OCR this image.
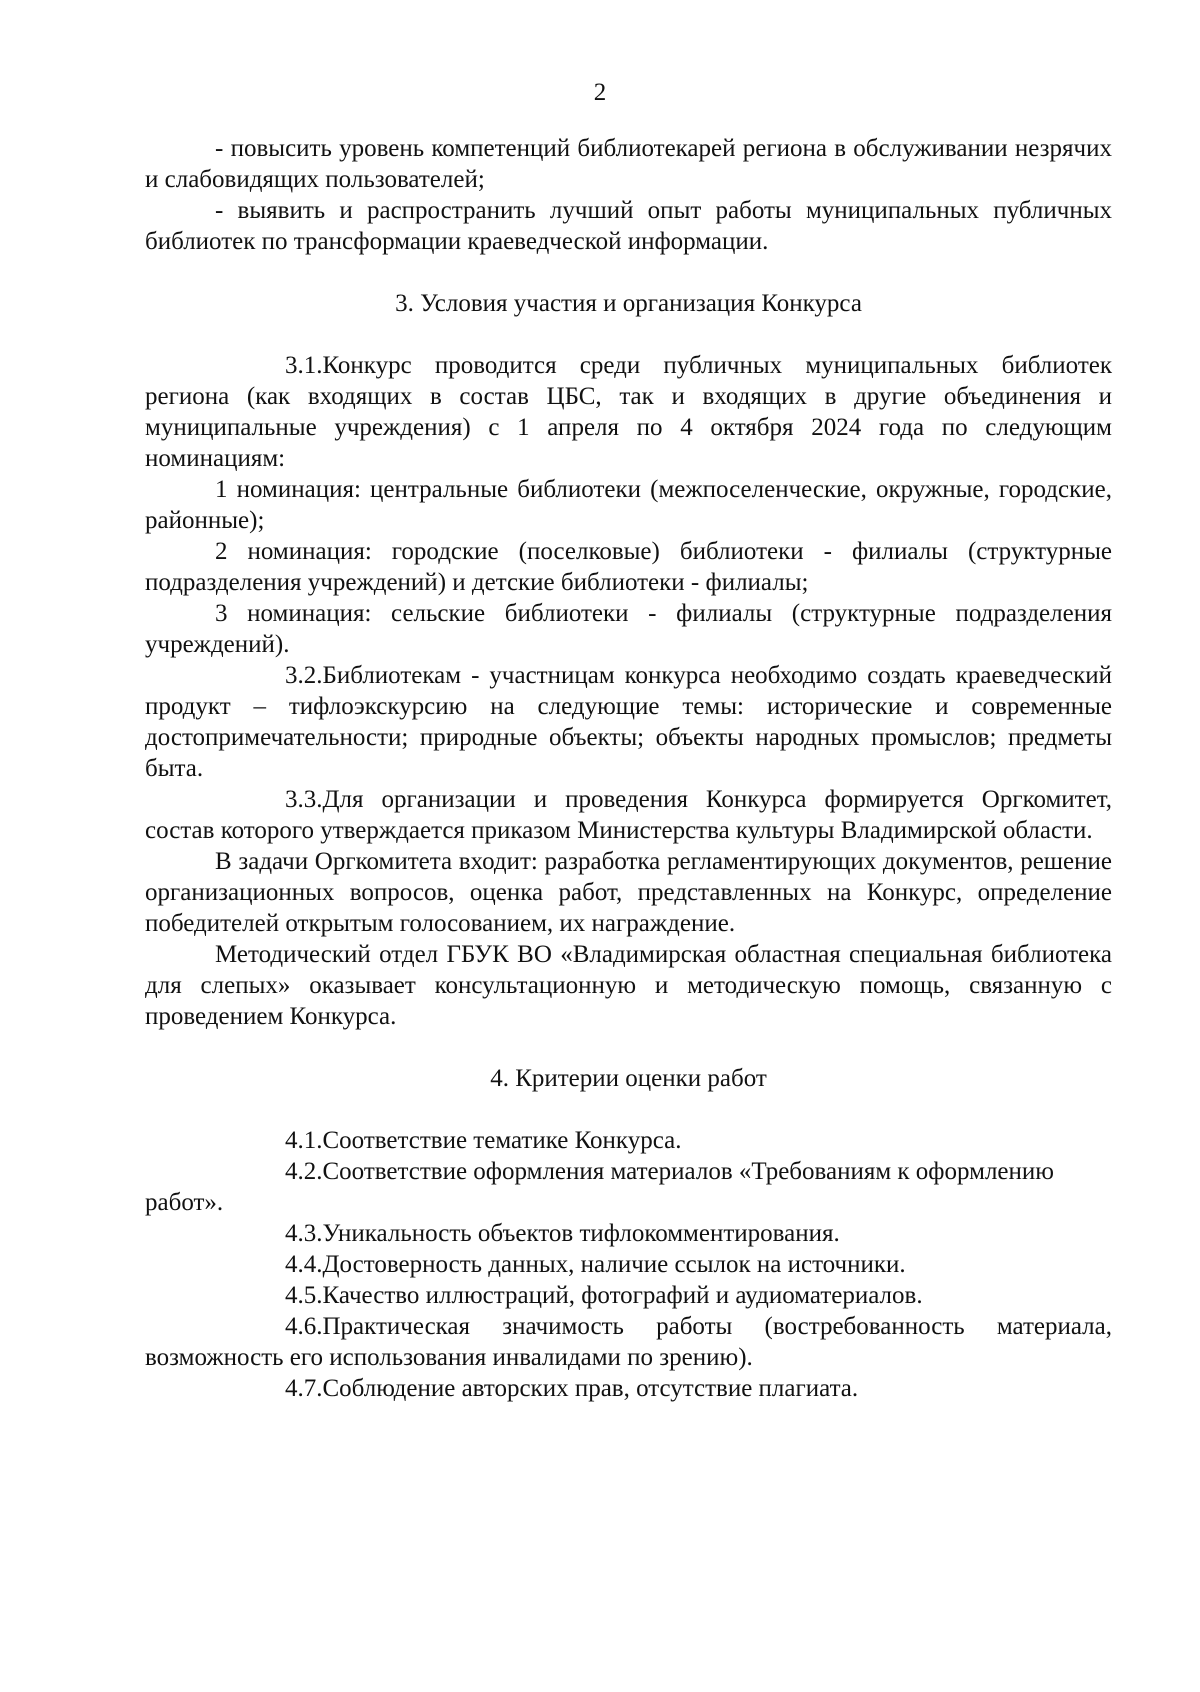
2

- повысить уровень компетенций библиотекарей региона в обслуживании незрячих и слабовидящих пользователей;

- выявить и распространить лучший опыт работы муниципальных публичных библиотек по трансформации краеведческой информации.

3. Условия участия и организация Конкурса

3.1.Конкурс проводится среди публичных муниципальных библиотек региона (как входящих в состав ЦБС, так и входящих в другие объединения и муниципальные учреждения) с 1 апреля по 4 октября 2024 года по следующим номинациям:

1 номинация: центральные библиотеки (межпоселенческие, окружные, городские, районные);

2 номинация: городские (поселковые) библиотеки - филиалы (структурные подразделения учреждений) и детские библиотеки - филиалы;

3 номинация: сельские библиотеки - филиалы (структурные подразделения учреждений).

3.2.Библиотекам - участницам конкурса необходимо создать краеведческий продукт – тифлоэкскурсию на следующие темы: исторические и современные достопримечательности; природные объекты; объекты народных промыслов; предметы быта.

3.3.Для организации и проведения Конкурса формируется Оргкомитет, состав которого утверждается приказом Министерства культуры Владимирской области.

В задачи Оргкомитета входит: разработка регламентирующих документов, решение организационных вопросов, оценка работ, представленных на Конкурс, определение победителей открытым голосованием, их награждение.

Методический отдел ГБУК ВО «Владимирская областная специальная библиотека для слепых» оказывает консультационную и методическую помощь, связанную с проведением Конкурса.

4. Критерии оценки работ

4.1.Соответствие тематике Конкурса.

4.2.Соответствие оформления материалов «Требованиям к оформлению работ».

4.3.Уникальность объектов тифлокомментирования.

4.4.Достоверность данных, наличие ссылок на источники.

4.5.Качество иллюстраций, фотографий и аудиоматериалов.

4.6.Практическая значимость работы (востребованность материала, возможность его использования инвалидами по зрению).

4.7.Соблюдение авторских прав, отсутствие плагиата.
